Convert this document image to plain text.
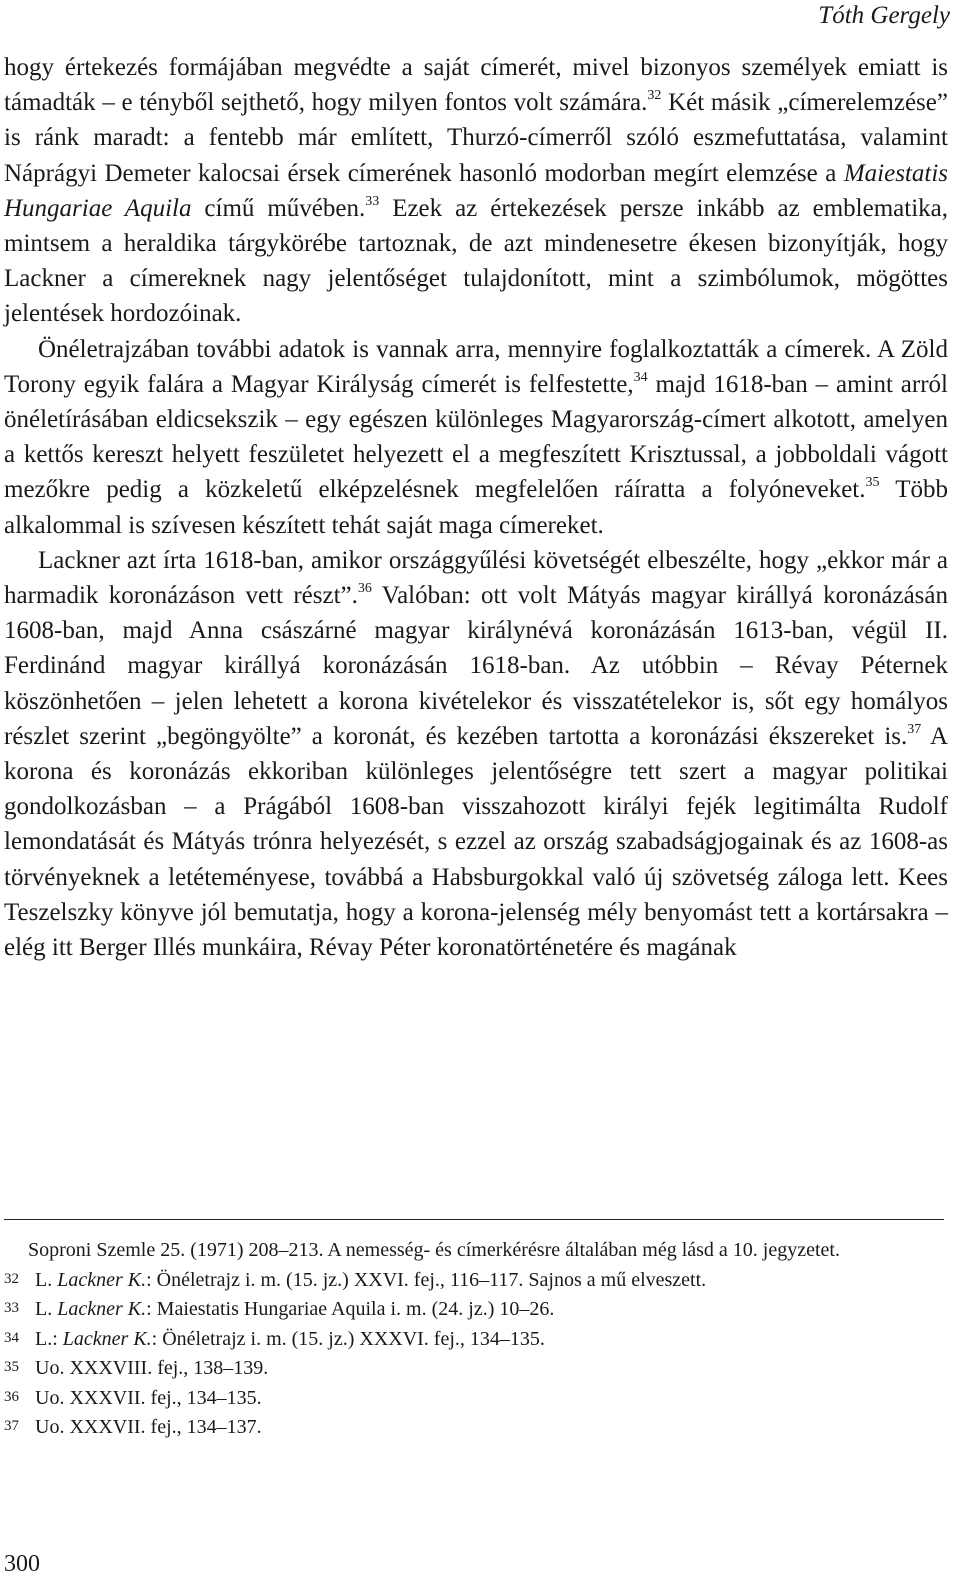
Tóth Gergely

hogy értekezés formájában megvédte a saját címerét, mivel bizonyos személyek emiatt is támadták – e tényből sejthető, hogy milyen fontos volt számára.$^{32}$ Két másik „címerelemzése” is ránk maradt: a fentebb már említett, Thurzó-címerről szóló eszmefuttatása, valamint Náprágyi Demeter kalocsai érsek címerének hasonló modorban megírt elemzése a Maiestatis Hungariae Aquila című művében.$^{33}$ Ezek az értekezések persze inkább az emblematika, mintsem a heraldika tárgykörébe tartoznak, de azt mindenesetre ékesen bizonyítják, hogy Lackner a címereknek nagy jelentőséget tulajdonított, mint a szimbólumok, mögöttes jelentések hordozóinak.

Önéletrajzában további adatok is vannak arra, mennyire foglalkoztatták a címerek. A Zöld Torony egyik falára a Magyar Királyság címerét is felfestette,$^{34}$ majd 1618-ban – amint arról önéletírásában eldicsekszik – egy egészen különleges Magyarország-címert alkotott, amelyen a kettős kereszt helyett feszületet helyezett el a megfeszített Krisztussal, a jobboldali vágott mezőkre pedig a közkeletű elképzelésnek megfelelően ráíratta a folyóneveket.$^{35}$ Több alkalommal is szívesen készített tehát saját maga címereket.

Lackner azt írta 1618-ban, amikor országgyűlési követségét elbeszélte, hogy „ekkor már a harmadik koronázáson vett részt”.$^{36}$ Valóban: ott volt Mátyás magyar királlyá koronázásán 1608-ban, majd Anna császárné magyar királynévá koronázásán 1613-ban, végül II. Ferdinánd magyar királlyá koronázásán 1618-ban. Az utóbbin – Révay Péternek köszönhetően – jelen lehetett a korona kivételekor és visszatételekor is, sőt egy homályos részlet szerint „begöngyölte” a koronát, és kezében tartotta a koronázási ékszereket is.$^{37}$ A korona és koronázás ekkoriban különleges jelentőségre tett szert a magyar politikai gondolkozásban – a Prágából 1608-ban visszahozott királyi fejék legitimálta Rudolf lemondatását és Mátyás trónra helyezését, s ezzel az ország szabadságjogainak és az 1608-as törvényeknek a letéteményese, továbbá a Habsburgokkal való új szövetség záloga lett. Kees Teszelszky könyve jól bemutatja, hogy a korona-jelenség mély benyomást tett a kortársakra – elég itt Berger Illés munkáira, Révay Péter koronatörténetére és magának

Soproni Szemle 25. (1971) 208–213. A nemesség- és címerkérésre általában még lásd a 10. jegyzetet.
32 L. Lackner K.: Önéletrajz i. m. (15. jz.) XXVI. fej., 116–117. Sajnos a mű elveszett.
33 L. Lackner K.: Maiestatis Hungariae Aquila i. m. (24. jz.) 10–26.
34 L.: Lackner K.: Önéletrajz i. m. (15. jz.) XXXVI. fej., 134–135.
35 Uo. XXXVIII. fej., 138–139.
36 Uo. XXXVII. fej., 134–135.
37 Uo. XXXVII. fej., 134–137.
300
